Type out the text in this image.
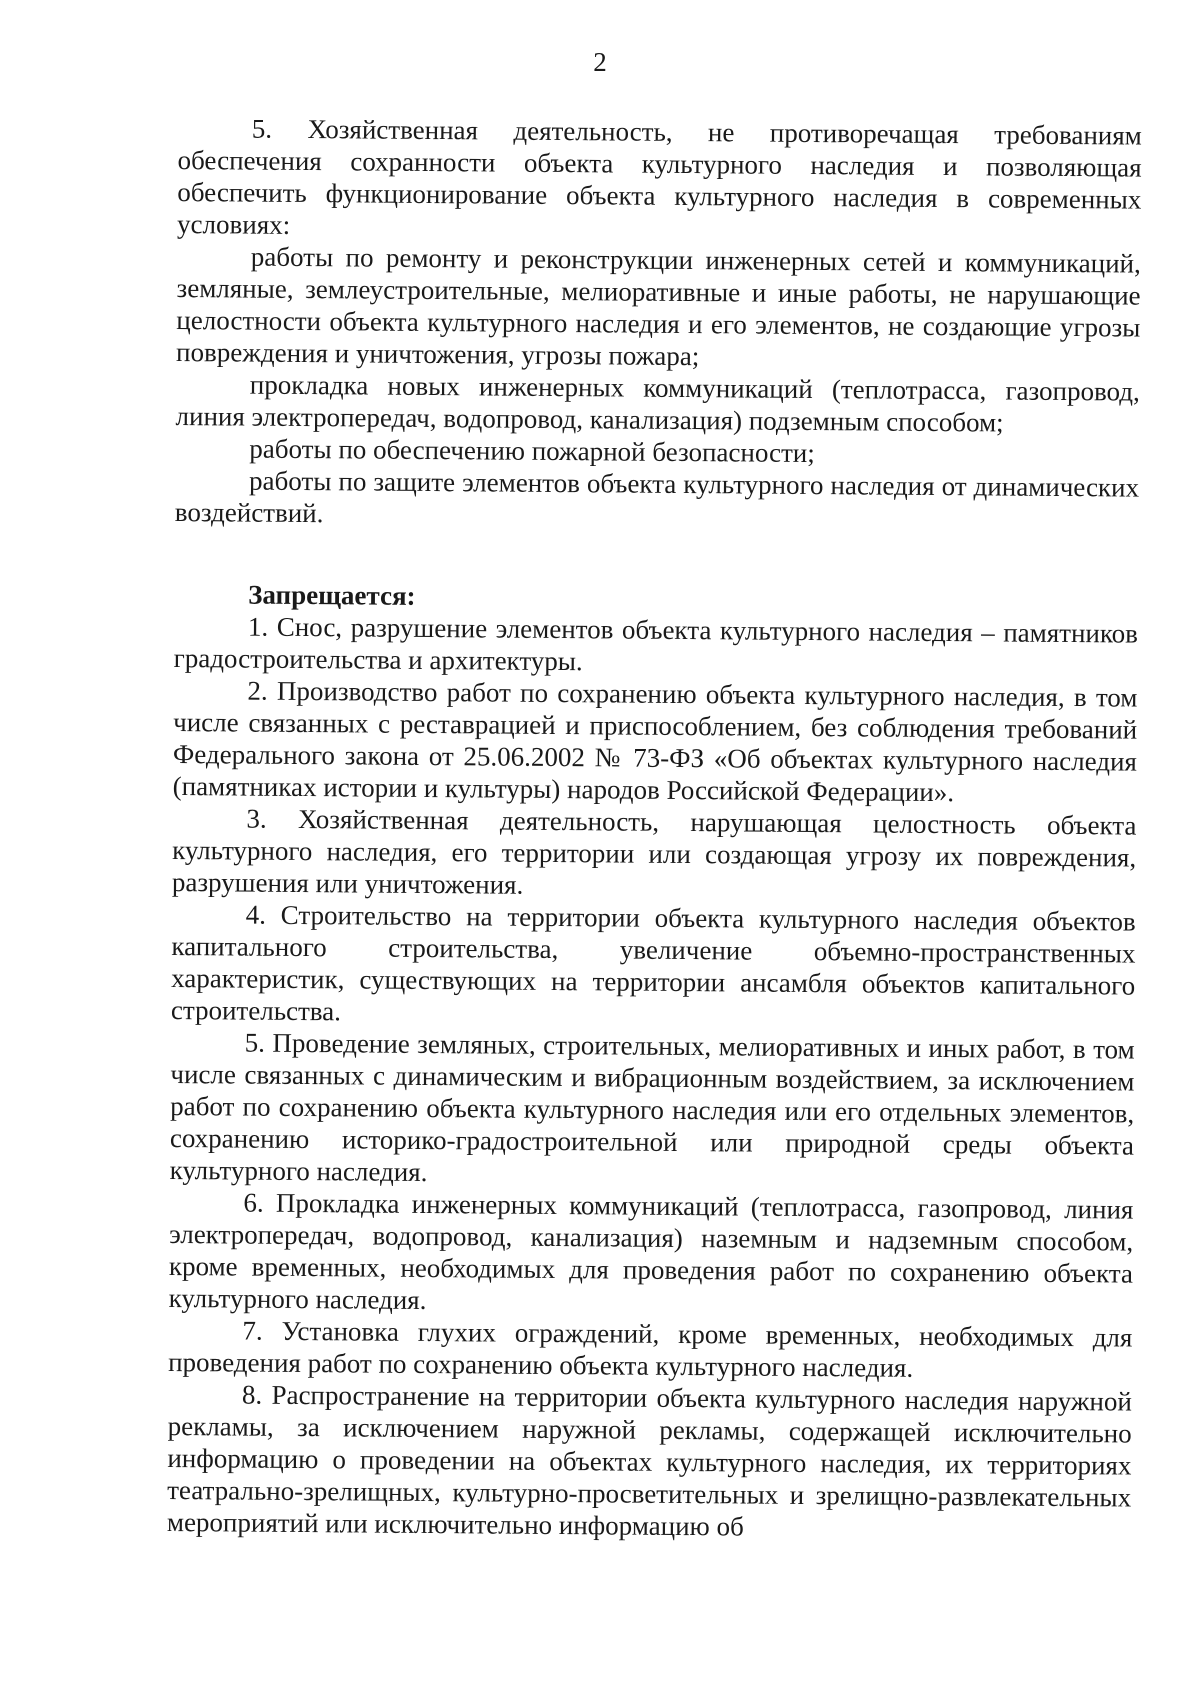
2

5. Хозяйственная деятельность, не противоречащая требованиям обеспечения сохранности объекта культурного наследия и позволяющая обеспечить функционирование объекта культурного наследия в современных условиях:

работы по ремонту и реконструкции инженерных сетей и коммуникаций, земляные, землеустроительные, мелиоративные и иные работы, не нарушающие целостности объекта культурного наследия и его элементов, не создающие угрозы повреждения и уничтожения, угрозы пожара;

прокладка новых инженерных коммуникаций (теплотрасса, газопровод, линия электропередач, водопровод, канализация) подземным способом;

работы по обеспечению пожарной безопасности;

работы по защите элементов объекта культурного наследия от динамических воздействий.

Запрещается:

1. Снос, разрушение элементов объекта культурного наследия – памятников градостроительства и архитектуры.

2. Производство работ по сохранению объекта культурного наследия, в том числе связанных с реставрацией и приспособлением, без соблюдения требований Федерального закона от 25.06.2002 № 73-ФЗ «Об объектах культурного наследия (памятниках истории и культуры) народов Российской Федерации».

3. Хозяйственная деятельность, нарушающая целостность объекта культурного наследия, его территории или создающая угрозу их повреждения, разрушения или уничтожения.

4. Строительство на территории объекта культурного наследия объектов капитального строительства, увеличение объемно-пространственных характеристик, существующих на территории ансамбля объектов капитального строительства.

5. Проведение земляных, строительных, мелиоративных и иных работ, в том числе связанных с динамическим и вибрационным воздействием, за исключением работ по сохранению объекта культурного наследия или его отдельных элементов, сохранению историко-градостроительной или природной среды объекта культурного наследия.

6. Прокладка инженерных коммуникаций (теплотрасса, газопровод, линия электропередач, водопровод, канализация) наземным и надземным способом, кроме временных, необходимых для проведения работ по сохранению объекта культурного наследия.

7. Установка глухих ограждений, кроме временных, необходимых для проведения работ по сохранению объекта культурного наследия.

8. Распространение на территории объекта культурного наследия наружной рекламы, за исключением наружной рекламы, содержащей исключительно информацию о проведении на объектах культурного наследия, их территориях театрально-зрелищных, культурно-просветительных и зрелищно-развлекательных мероприятий или исключительно информацию об
